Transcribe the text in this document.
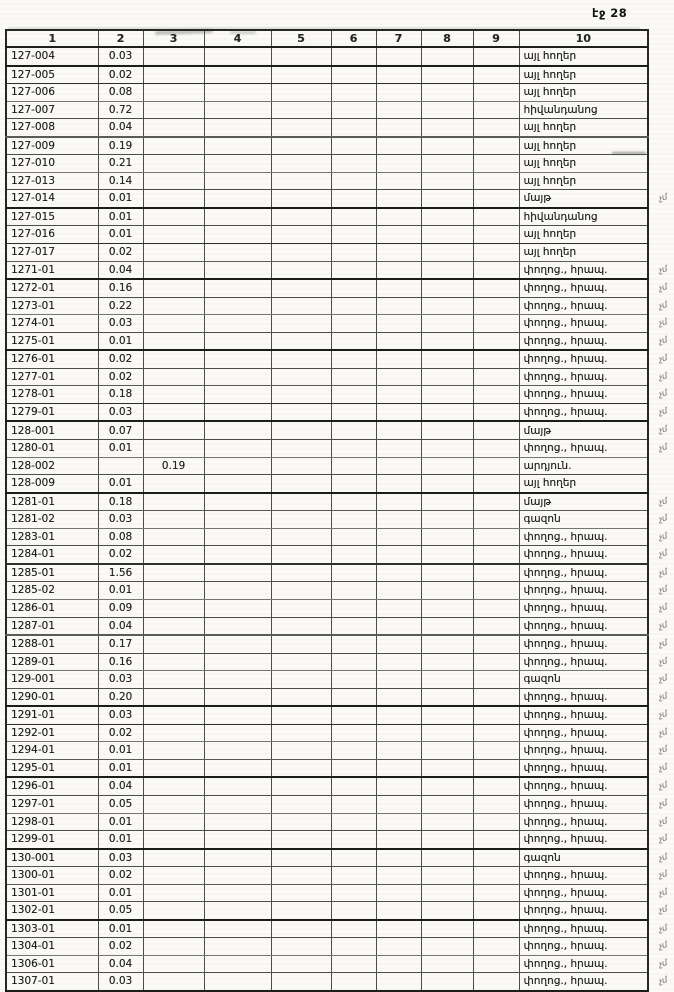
էջ 28
1	2	3	4	5	6	7	8	9	10
127-004	0.03								այլ հողեր
127-005	0.02								այլ հողեր
127-006	0.08								այլ հողեր
127-007	0.72								հիվանդանոց
127-008	0.04								այլ հողեր
127-009	0.19								այլ հողեր
127-010	0.21								այլ հողեր
127-013	0.14								այլ հողեր
127-014	0.01								մայթ չմ

127-015	0.01								հիվանդանոց
127-016	0.01								այլ հողեր
127-017	0.02								այլ հողեր
1271-01	0.04								փողոց., հրապ. չմ

1272-01	0.16								փողոց., հրապ. չմ

1273-01	0.22								փողոց., հրապ. չմ

1274-01	0.03								փողոց., հրապ. չմ

1275-01	0.01								փողոց., հրապ. չմ

1276-01	0.02								փողոց., հրապ. չմ

1277-01	0.02								փողոց., հրապ. չմ

1278-01	0.18								փողոց., հրապ. չմ

1279-01	0.03								փողոց., հրապ. չմ

128-001	0.07								մայթ չմ

1280-01	0.01								փողոց., հրապ. չմ

128-002		0.19							արդյուն.
128-009	0.01								այլ հողեր
1281-01	0.18								մայթ չմ

1281-02	0.03								գազոն չմ

1283-01	0.08								փողոց., հրապ. չմ

1284-01	0.02								փողոց., հրապ. չմ

1285-01	1.56								փողոց., հրապ. չմ

1285-02	0.01								փողոց., հրապ. չմ

1286-01	0.09								փողոց., հրապ. չմ

1287-01	0.04								փողոց., հրապ. չմ

1288-01	0.17								փողոց., հրապ. չմ

1289-01	0.16								փողոց., հրապ. չմ

129-001	0.03								գազոն չմ

1290-01	0.20								փողոց., հրապ. չմ

1291-01	0.03								փողոց., հրապ. չմ

1292-01	0.02								փողոց., հրապ. չմ

1294-01	0.01								փողոց., հրապ. չմ

1295-01	0.01								փողոց., հրապ. չմ

1296-01	0.04								փողոց., հրապ. չմ

1297-01	0.05								փողոց., հրապ. չմ

1298-01	0.01								փողոց., հրապ. չմ

1299-01	0.01								փողոց., հրապ. չմ

130-001	0.03								գազոն չմ

1300-01	0.02								փողոց., հրապ. չմ

1301-01	0.01								փողոց., հրապ. չմ

1302-01	0.05								փողոց., հրապ. չմ

1303-01	0.01								փողոց., հրապ. չմ

1304-01	0.02								փողոց., հրապ. չմ

1306-01	0.04								փողոց., հրապ. չմ

1307-01	0.03								փողոց., հրապ. չմ
